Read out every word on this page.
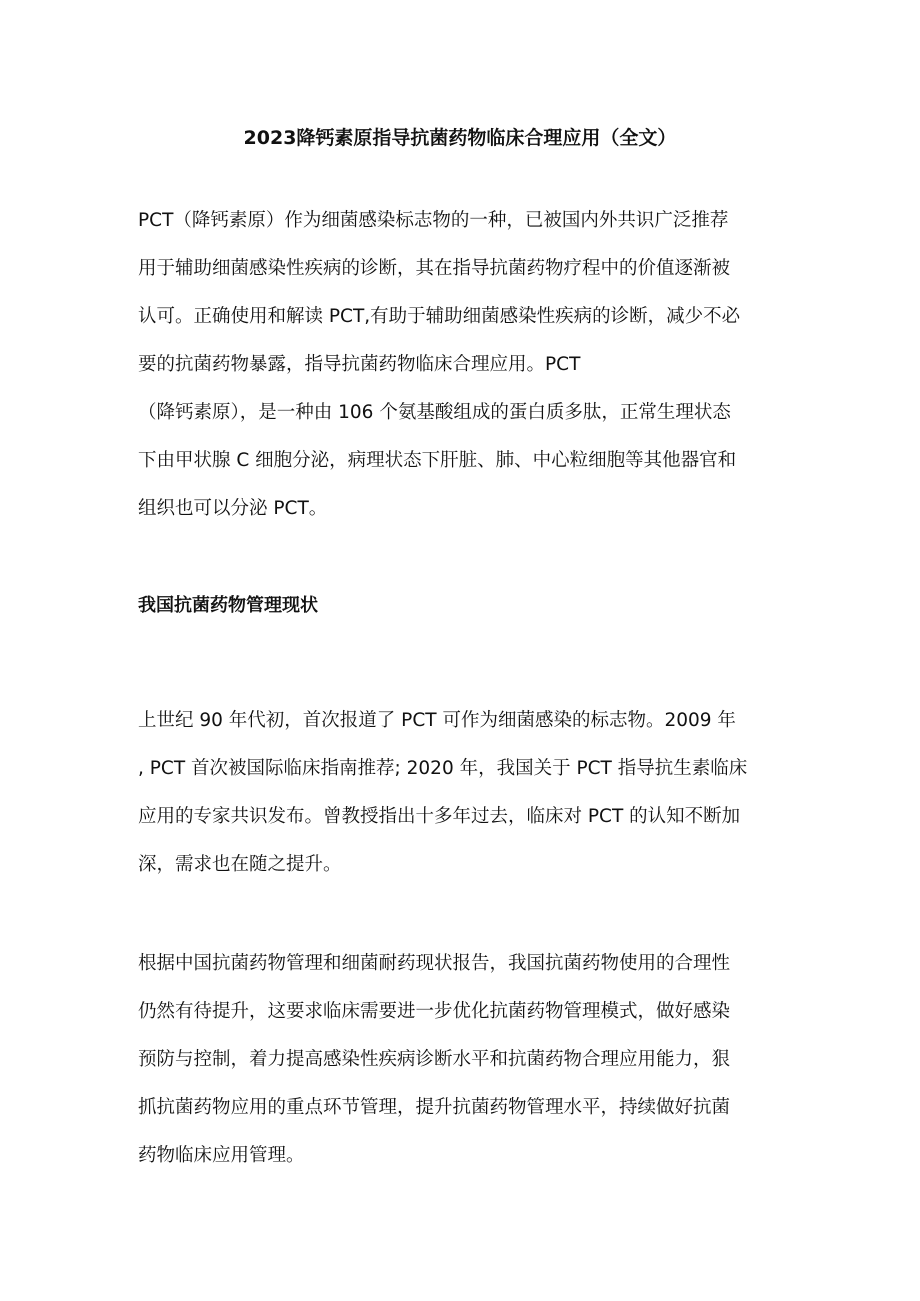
2023降钙素原指导抗菌药物临床合理应用（全文）

PCT（降钙素原）作为细菌感染标志物的一种，已被国内外共识广泛推荐

用于辅助细菌感染性疾病的诊断，其在指导抗菌药物疗程中的价值逐渐被

认可。正确使用和解读 PCT,有助于辅助细菌感染性疾病的诊断，减少不必

要的抗菌药物暴露，指导抗菌药物临床合理应用。PCT

（降钙素原），是一种由 106 个氨基酸组成的蛋白质多肽，正常生理状态

下由甲状腺 C 细胞分泌，病理状态下肝脏、肺、中心粒细胞等其他器官和

组织也可以分泌 PCT。

我国抗菌药物管理现状

上世纪 90 年代初，首次报道了 PCT 可作为细菌感染的标志物。2009 年

, PCT 首次被国际临床指南推荐; 2020 年，我国关于 PCT 指导抗生素临床

应用的专家共识发布。曾教授指出十多年过去，临床对 PCT 的认知不断加

深，需求也在随之提升。

根据中国抗菌药物管理和细菌耐药现状报告，我国抗菌药物使用的合理性

仍然有待提升，这要求临床需要进一步优化抗菌药物管理模式，做好感染

预防与控制，着力提高感染性疾病诊断水平和抗菌药物合理应用能力，狠

抓抗菌药物应用的重点环节管理，提升抗菌药物管理水平，持续做好抗菌

药物临床应用管理。
